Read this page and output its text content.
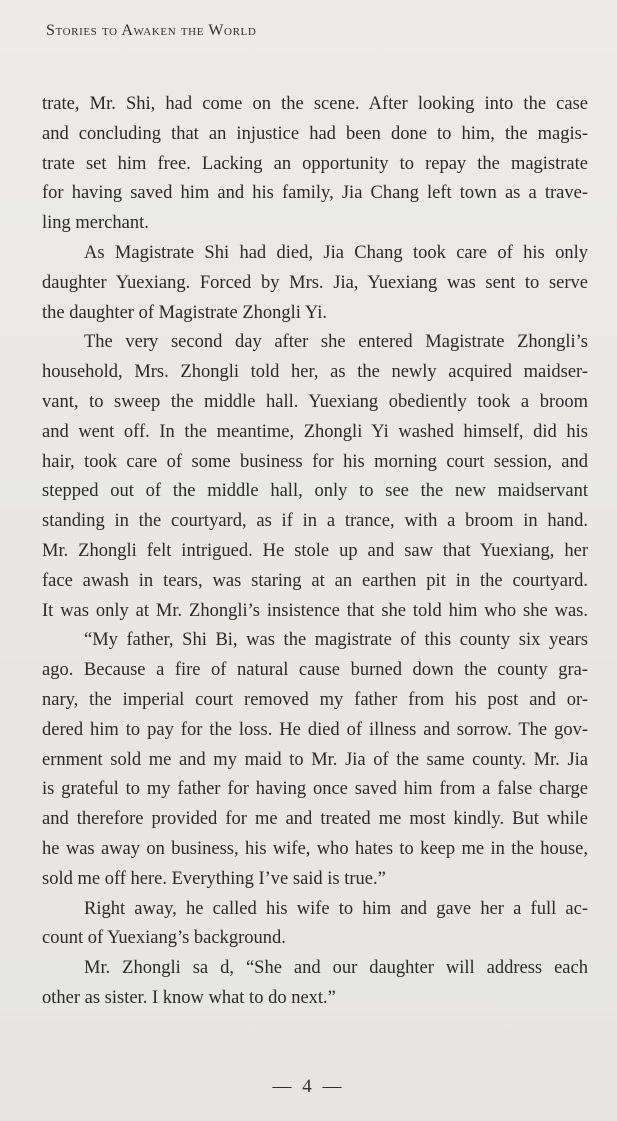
Stories to Awaken the World
trate, Mr. Shi, had come on the scene. After looking into the case
and concluding that an injustice had been done to him, the magis-
trate set him free. Lacking an opportunity to repay the magistrate
for having saved him and his family, Jia Chang left town as a trave-
ling merchant.
As Magistrate Shi had died, Jia Chang took care of his only
daughter Yuexiang. Forced by Mrs. Jia, Yuexiang was sent to serve
the daughter of Magistrate Zhongli Yi.
The very second day after she entered Magistrate Zhongli’s
household, Mrs. Zhongli told her, as the newly acquired maidser-
vant, to sweep the middle hall. Yuexiang obediently took a broom
and went off. In the meantime, Zhongli Yi washed himself, did his
hair, took care of some business for his morning court session, and
stepped out of the middle hall, only to see the new maidservant
standing in the courtyard, as if in a trance, with a broom in hand.
Mr. Zhongli felt intrigued. He stole up and saw that Yuexiang, her
face awash in tears, was staring at an earthen pit in the courtyard.
It was only at Mr. Zhongli’s insistence that she told him who she was.
“My father, Shi Bi, was the magistrate of this county six years
ago. Because a fire of natural cause burned down the county gra-
nary, the imperial court removed my father from his post and or-
dered him to pay for the loss. He died of illness and sorrow. The gov-
ernment sold me and my maid to Mr. Jia of the same county. Mr. Jia
is grateful to my father for having once saved him from a false charge
and therefore provided for me and treated me most kindly. But while
he was away on business, his wife, who hates to keep me in the house,
sold me off here. Everything I’ve said is true.”
Right away, he called his wife to him and gave her a full ac-
count of Yuexiang’s background.
Mr. Zhongli sa d, “She and our daughter will address each
other as sister. I know what to do next.”
— 4 —
